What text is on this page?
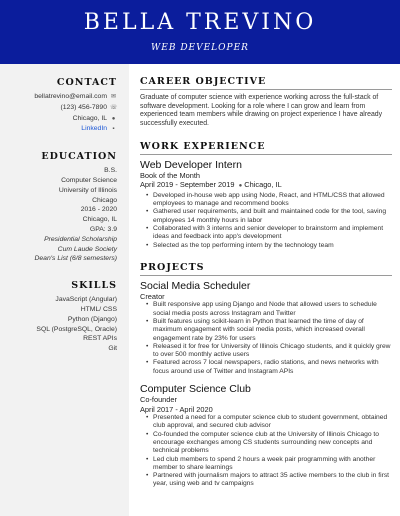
BELLA TREVINO
WEB DEVELOPER
CONTACT
bellatrevino@email.com ✉
(123) 456-7890 ☏
Chicago, IL ●
LinkedIn ▪
EDUCATION
B.S.
Computer Science
University of Illinois
Chicago
2016 - 2020
Chicago, IL
GPA: 3.9
Presidential Scholarship
Cum Laude Society
Dean's List (6/8 semesters)
SKILLS
JavaScript (Angular)
HTML/ CSS
Python (Django)
SQL (PostgreSQL, Oracle)
REST APIs
Git
CAREER OBJECTIVE
Graduate of computer science with experience working across the full-stack of software development. Looking for a role where I can grow and learn from experienced team members while drawing on project experience I have already successfully executed.
WORK EXPERIENCE
Web Developer Intern
Book of the Month
April 2019 - September 2019 ● Chicago, IL
• Developed in-house web app using Node, React, and HTML/CSS that allowed employees to manage and recommend books
• Gathered user requirements, and built and maintained code for the tool, saving employees 14 monthly hours in labor
• Collaborated with 3 interns and senior developer to brainstorm and implement ideas and feedback into app's development
• Selected as the top performing intern by the technology team
PROJECTS
Social Media Scheduler
Creator
• Built responsive app using Django and Node that allowed users to schedule social media posts across Instagram and Twitter
• Built features using scikit-learn in Python that learned the time of day of maximum engagement with social media posts, which increased overall engagement rate by 23% for users
• Released it for free for University of Illinois Chicago students, and it quickly grew to over 500 monthly active users
• Featured across 7 local newspapers, radio stations, and news networks with focus around use of Twitter and Instagram APIs
Computer Science Club
Co-founder
April 2017 - April 2020
• Presented a need for a computer science club to student government, obtained club approval, and secured club advisor
• Co-founded the computer science club at the University of Illinois Chicago to encourage exchanges among CS students surrounding new concepts and technical problems
• Led club members to spend 2 hours a week pair programming with another member to share learnings
• Partnered with journalism majors to attract 35 active members to the club in first year, using web and tv campaigns
